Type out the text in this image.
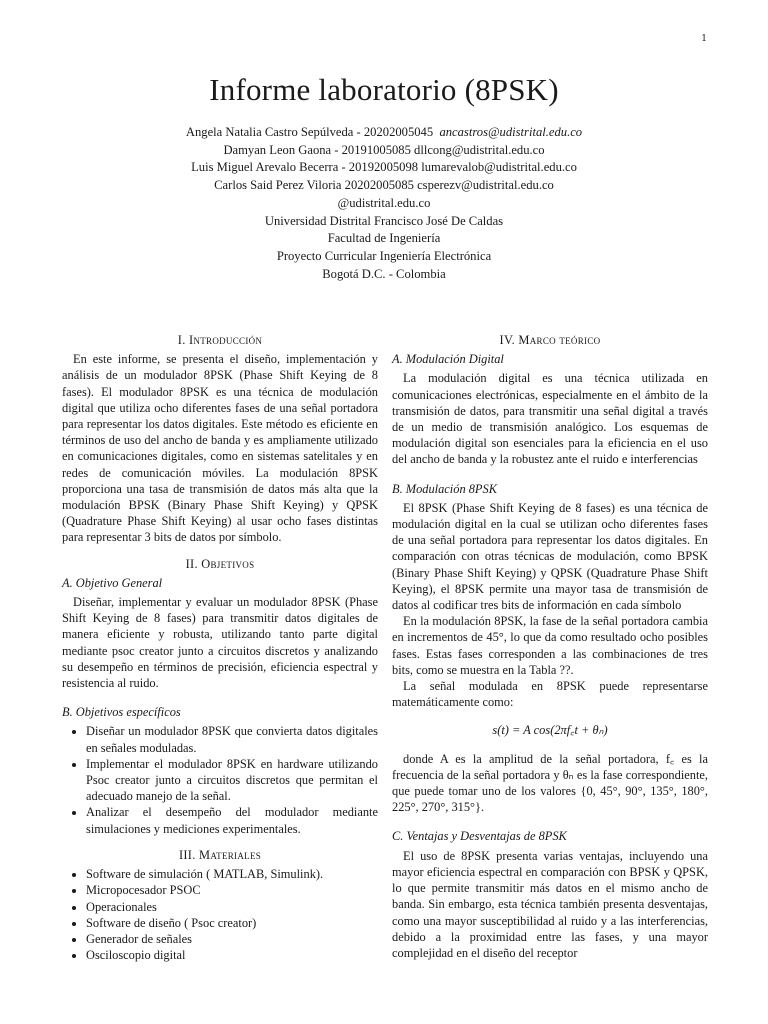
1
Informe laboratorio (8PSK)
Angela Natalia Castro Sepúlveda - 20202005045 ancastros@udistrital.edu.co
Damyan Leon Gaona - 20191005085 dllcong@udistrital.edu.co
Luis Miguel Arevalo Becerra - 20192005098 lumarevalob@udistrital.edu.co
Carlos Said Perez Viloria 20202005085 csperezv@udistrital.edu.co
@udistrital.edu.co
Universidad Distrital Francisco José De Caldas
Facultad de Ingeniería
Proyecto Curricular Ingeniería Electrónica
Bogotá D.C. - Colombia
I. Introducción

En este informe, se presenta el diseño, implementación y análisis de un modulador 8PSK (Phase Shift Keying de 8 fases). El modulador 8PSK es una técnica de modulación digital que utiliza ocho diferentes fases de una señal portadora para representar los datos digitales. Este método es eficiente en términos de uso del ancho de banda y es ampliamente utilizado en comunicaciones digitales, como en sistemas satelitales y en redes de comunicación móviles. La modulación 8PSK proporciona una tasa de transmisión de datos más alta que la modulación BPSK (Binary Phase Shift Keying) y QPSK (Quadrature Phase Shift Keying) al usar ocho fases distintas para representar 3 bits de datos por símbolo.

II. Objetivos
A. Objetivo General

Diseñar, implementar y evaluar un modulador 8PSK (Phase Shift Keying de 8 fases) para transmitir datos digitales de manera eficiente y robusta, utilizando tanto parte digital mediante psoc creator junto a circuitos discretos y analizando su desempeño en términos de precisión, eficiencia espectral y resistencia al ruido.

B. Objetivos específicos
• Diseñar un modulador 8PSK que convierta datos digitales en señales moduladas.
• Implementar el modulador 8PSK en hardware utilizando Psoc creator junto a circuitos discretos que permitan el adecuado manejo de la señal.
• Analizar el desempeño del modulador mediante simulaciones y mediciones experimentales.
III. Materiales
• Software de simulación ( MATLAB, Simulink).
• Micropocesador PSOC
• Operacionales
• Software de diseño ( Psoc creator)
• Generador de señales
• Osciloscopio digital
IV. Marco teórico
A. Modulación Digital

La modulación digital es una técnica utilizada en comunicaciones electrónicas, especialmente en el ámbito de la transmisión de datos, para transmitir una señal digital a través de un medio de transmisión analógico. Los esquemas de modulación digital son esenciales para la eficiencia en el uso del ancho de banda y la robustez ante el ruido e interferencias

B. Modulación 8PSK

El 8PSK (Phase Shift Keying de 8 fases) es una técnica de modulación digital en la cual se utilizan ocho diferentes fases de una señal portadora para representar los datos digitales. En comparación con otras técnicas de modulación, como BPSK (Binary Phase Shift Keying) y QPSK (Quadrature Phase Shift Keying), el 8PSK permite una mayor tasa de transmisión de datos al codificar tres bits de información en cada símbolo

En la modulación 8PSK, la fase de la señal portadora cambia en incrementos de 45°, lo que da como resultado ocho posibles fases. Estas fases corresponden a las combinaciones de tres bits, como se muestra en la Tabla ??.

La señal modulada en 8PSK puede representarse matemáticamente como:

s(t) = A cos(2πf꜀t + θₙ)

donde A es la amplitud de la señal portadora, f꜀ es la frecuencia de la señal portadora y θₙ es la fase correspondiente, que puede tomar uno de los valores {0, 45°, 90°, 135°, 180°, 225°, 270°, 315°}.

C. Ventajas y Desventajas de 8PSK

El uso de 8PSK presenta varias ventajas, incluyendo una mayor eficiencia espectral en comparación con BPSK y QPSK, lo que permite transmitir más datos en el mismo ancho de banda. Sin embargo, esta técnica también presenta desventajas, como una mayor susceptibilidad al ruido y a las interferencias, debido a la proximidad entre las fases, y una mayor complejidad en el diseño del receptor
